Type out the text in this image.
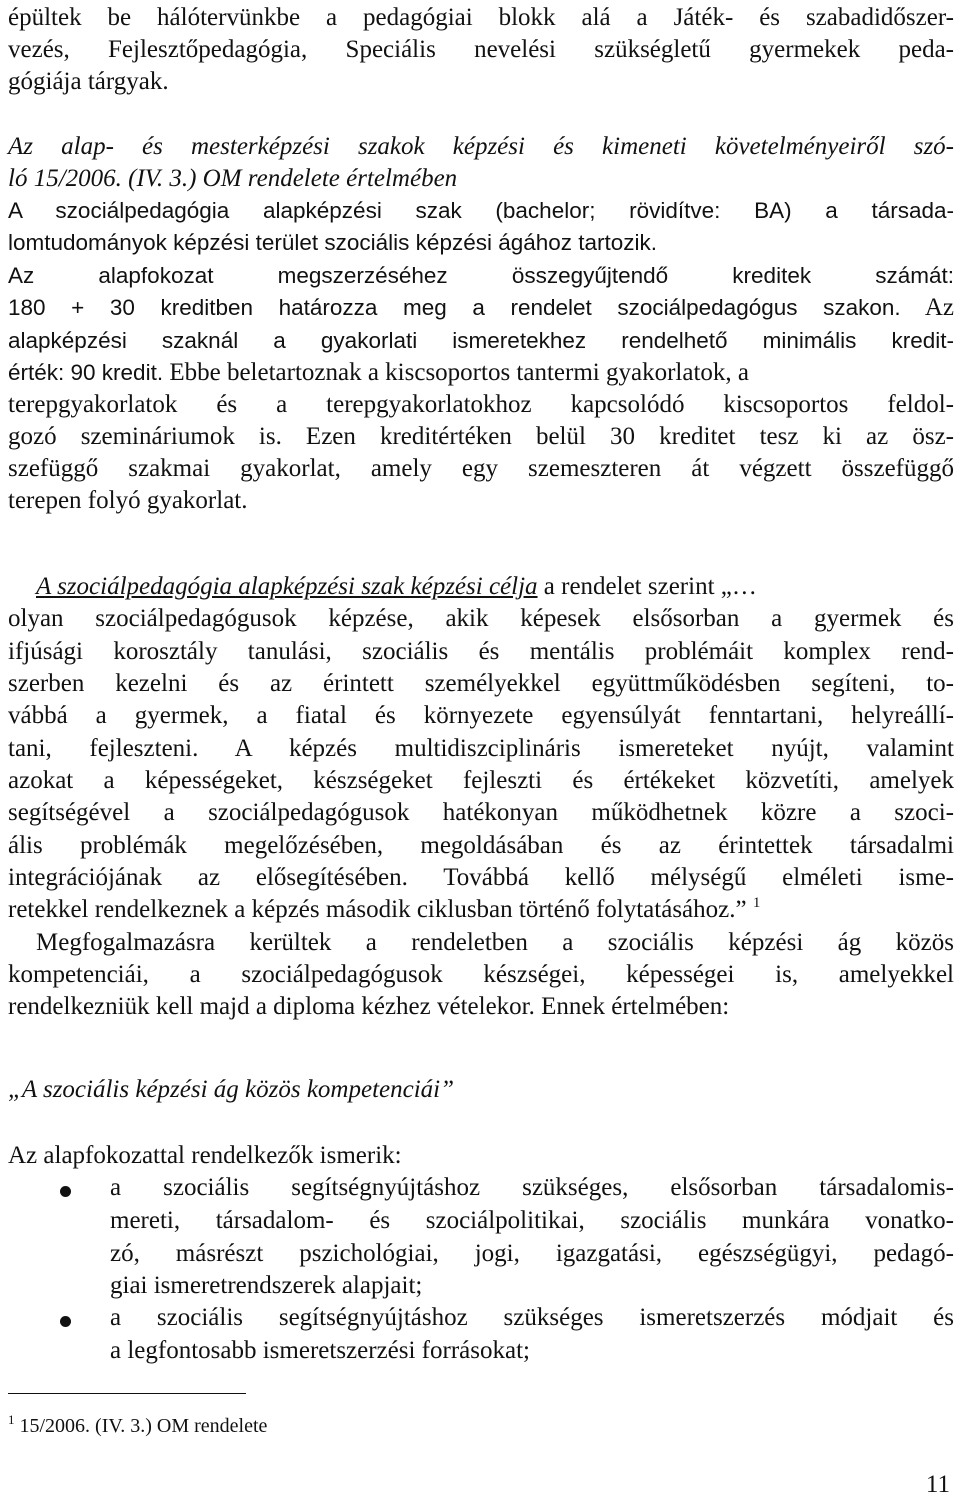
épültek be hálótervünkbe a pedagógiai blokk alá a Játék- és szabadidőszer-
vezés, Fejlesztőpedagógia, Speciális nevelési szükségletű gyermekek peda-
gógiája tárgyak.
Az alap- és mesterképzési szakok képzési és kimeneti követelményeiről szó-
ló 15/2006. (IV. 3.) OM rendelete értelmében
A szociálpedagógia alapképzési szak (bachelor; rövidítve: BA) a társada-
lomtudományok képzési terület szociális képzési ágához tartozik.
Az alapfokozat megszerzéséhez összegyűjtendő kreditek számát:
180 + 30 kreditben határozza meg a rendelet szociálpedagógus szakon. Az
alapképzési szaknál a gyakorlati ismeretekhez rendelhető minimális kredit-
érték: 90 kredit. Ebbe beletartoznak a kiscsoportos tantermi gyakorlatok, a
terepgyakorlatok és a terepgyakorlatokhoz kapcsolódó kiscsoportos feldol-
gozó szemináriumok is. Ezen kreditértéken belül 30 kreditet tesz ki az ösz-
szefüggő szakmai gyakorlat, amely egy szemeszteren át végzett összefüggő
terepen folyó gyakorlat.
A szociálpedagógia alapképzési szak képzési célja a rendelet szerint „…
olyan szociálpedagógusok képzése, akik képesek elsősorban a gyermek és
ifjúsági korosztály tanulási, szociális és mentális problémáit komplex rend-
szerben kezelni és az érintett személyekkel együttműködésben segíteni, to-
vábbá a gyermek, a fiatal és környezete egyensúlyát fenntartani, helyreállí-
tani, fejleszteni. A képzés multidiszciplináris ismereteket nyújt, valamint
azokat a képességeket, készségeket fejleszti és értékeket közvetíti, amelyek
segítségével a szociálpedagógusok hatékonyan működhetnek közre a szoci-
ális problémák megelőzésében, megoldásában és az érintettek társadalmi
integrációjának az elősegítésében. Továbbá kellő mélységű elméleti isme-
retekkel rendelkeznek a képzés második ciklusban történő folytatásához.” $^1$
Megfogalmazásra kerültek a rendeletben a szociális képzési ág közös
kompetenciái, a szociálpedagógusok készségei, képességei is, amelyekkel
rendelkezniük kell majd a diploma kézhez vételekor. Ennek értelmében:
„A szociális képzési ág közös kompetenciái”
Az alapfokozattal rendelkezők ismerik:
a szociális segítségnyújtáshoz szükséges, elsősorban társadalomis-
mereti, társadalom- és szociálpolitikai, szociális munkára vonatko-
zó, másrészt pszichológiai, jogi, igazgatási, egészségügyi, pedagó-
giai ismeretrendszerek alapjait;
a szociális segítségnyújtáshoz szükséges ismeretszerzés módjait és
a legfontosabb ismeretszerzési forrásokat;
$^1$ 15/2006. (IV. 3.) OM rendelete
11
